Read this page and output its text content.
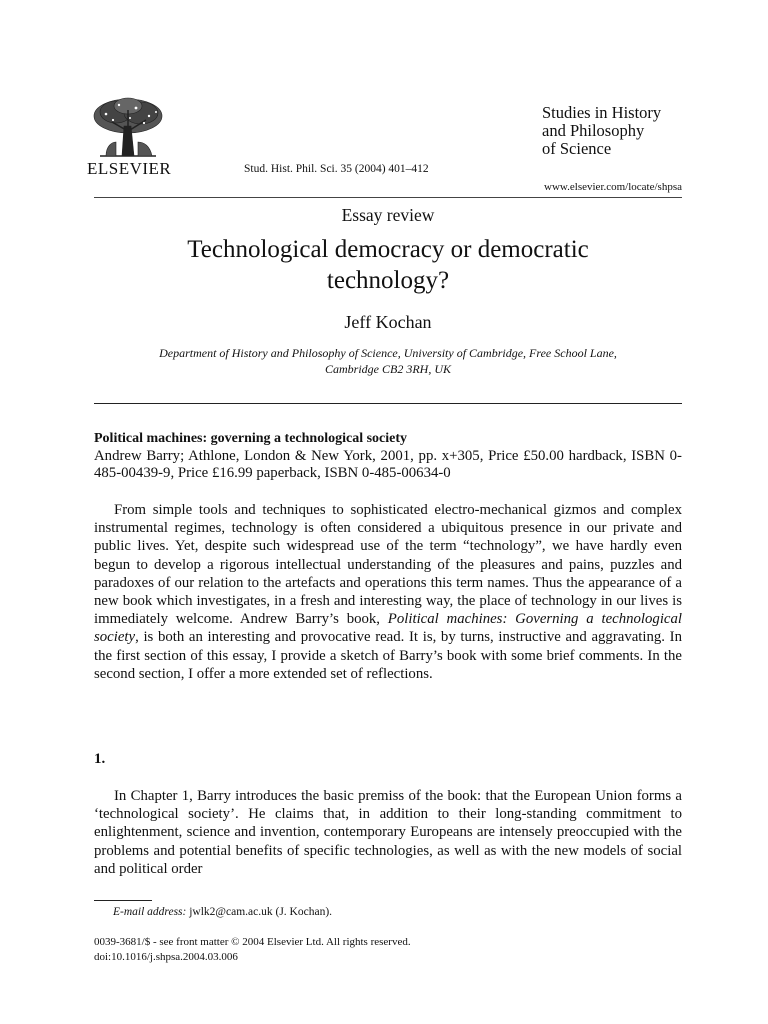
ELSEVIER	Stud. Hist. Phil. Sci. 35 (2004) 401–412
Studies in History
and Philosophy
of Science
www.elsevier.com/locate/shpsa
Essay review
Technological democracy or democratic
technology?
Jeff Kochan
Department of History and Philosophy of Science, University of Cambridge, Free School Lane,
Cambridge CB2 3RH, UK
Political machines: governing a technological society
Andrew Barry; Athlone, London & New York, 2001, pp. x+305, Price £50.00 hardback, ISBN 0-485-00439-9, Price £16.99 paperback, ISBN 0-485-00634-0
From simple tools and techniques to sophisticated electro-mechanical gizmos and complex instrumental regimes, technology is often considered a ubiquitous presence in our private and public lives. Yet, despite such widespread use of the term “technology”, we have hardly even begun to develop a rigorous intellectual understanding of the pleasures and pains, puzzles and paradoxes of our relation to the artefacts and operations this term names. Thus the appearance of a new book which investigates, in a fresh and interesting way, the place of technology in our lives is immediately welcome. Andrew Barry’s book, Political machines: Governing a technological society, is both an interesting and provocative read. It is, by turns, instructive and aggravating. In the first section of this essay, I provide a sketch of Barry’s book with some brief comments. In the second section, I offer a more extended set of reflections.
1.
In Chapter 1, Barry introduces the basic premiss of the book: that the European Union forms a ‘technological society’. He claims that, in addition to their long-standing commitment to enlightenment, science and invention, contemporary Europeans are intensely preoccupied with the problems and potential benefits of specific technologies, as well as with the new models of social and political order
E-mail address: jwlk2@cam.ac.uk (J. Kochan).
0039-3681/$ - see front matter © 2004 Elsevier Ltd. All rights reserved.
doi:10.1016/j.shpsa.2004.03.006
